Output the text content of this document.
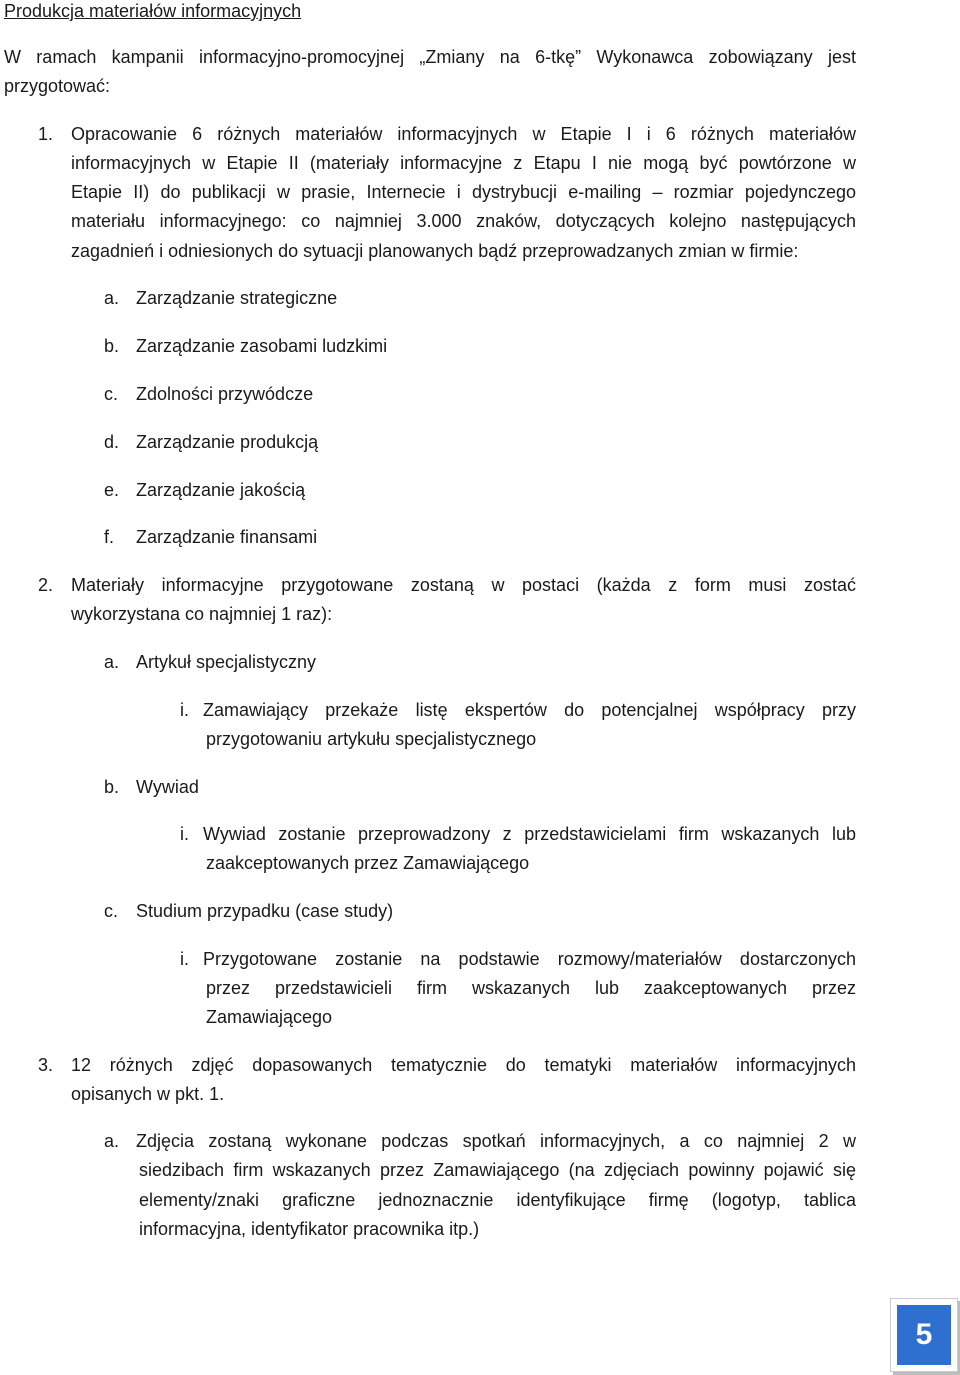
Produkcja materiałów informacyjnych
W ramach kampanii informacyjno-promocyjnej „Zmiany na 6-tkę” Wykonawca zobowiązany jest
przygotować:
1. Opracowanie 6 różnych materiałów informacyjnych w Etapie I i 6 różnych materiałów
informacyjnych w Etapie II (materiały informacyjne z Etapu I nie mogą być powtórzone w
Etapie II) do publikacji w prasie, Internecie i dystrybucji e-mailing – rozmiar pojedynczego
materiału informacyjnego: co najmniej 3.000 znaków, dotyczących kolejno następujących
zagadnień i odniesionych do sytuacji planowanych bądź przeprowadzanych zmian w firmie:
a. Zarządzanie strategiczne
b. Zarządzanie zasobami ludzkimi
c. Zdolności przywódcze
d. Zarządzanie produkcją
e. Zarządzanie jakością
f. Zarządzanie finansami
2. Materiały informacyjne przygotowane zostaną w postaci (każda z form musi zostać
wykorzystana co najmniej 1 raz):
a. Artykuł specjalistyczny
i. Zamawiający przekaże listę ekspertów do potencjalnej współpracy przy
przygotowaniu artykułu specjalistycznego
b. Wywiad
i. Wywiad zostanie przeprowadzony z przedstawicielami firm wskazanych lub
zaakceptowanych przez Zamawiającego
c. Studium przypadku (case study)
i. Przygotowane zostanie na podstawie rozmowy/materiałów dostarczonych
przez przedstawicieli firm wskazanych lub zaakceptowanych przez
Zamawiającego
3. 12 różnych zdjęć dopasowanych tematycznie do tematyki materiałów informacyjnych
opisanych w pkt. 1.
a. Zdjęcia zostaną wykonane podczas spotkań informacyjnych, a co najmniej 2 w
siedzibach firm wskazanych przez Zamawiającego (na zdjęciach powinny pojawić się
elementy/znaki graficzne jednoznacznie identyfikujące firmę (logotyp, tablica
informacyjna, identyfikator pracownika itp.)
5
